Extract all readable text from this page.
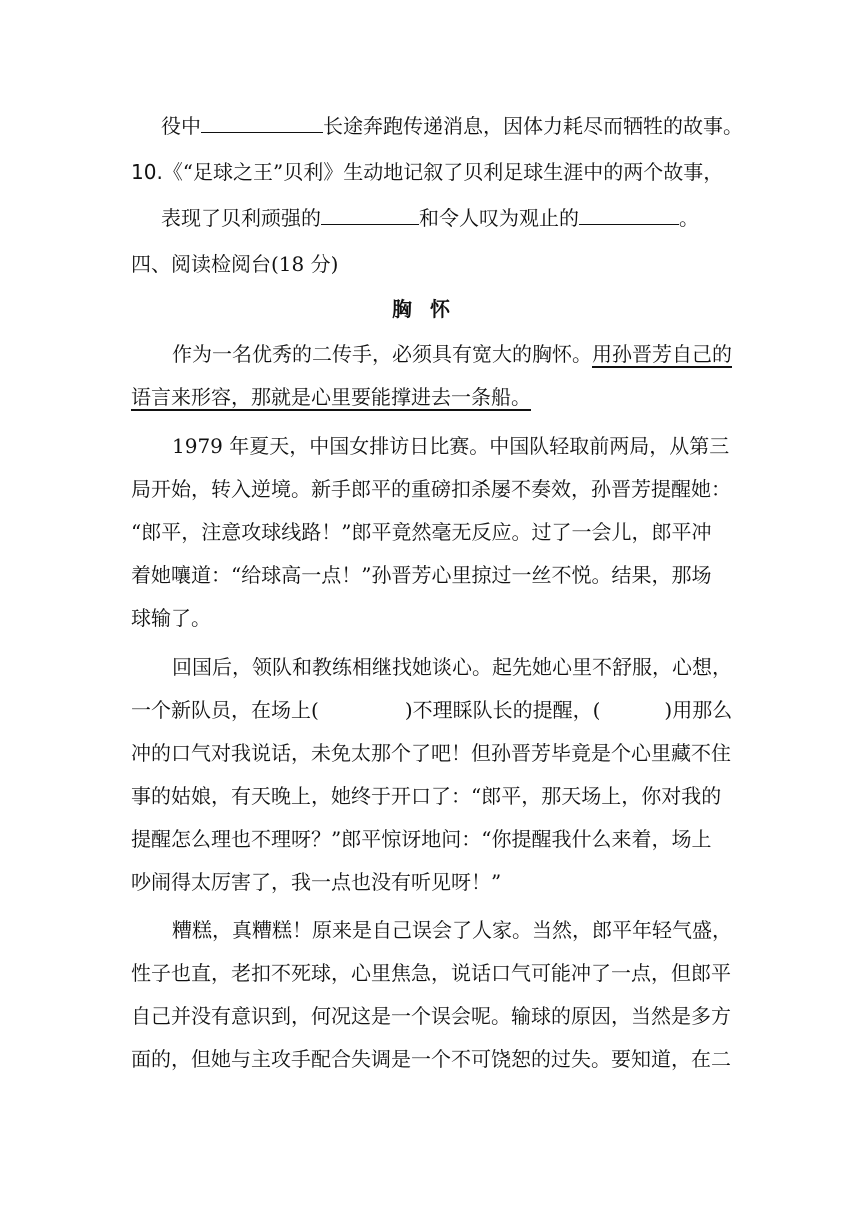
役中	长途奔跑传递消息，因体力耗尽而牺牲的故事。
10.《“足球之王”贝利》生动地记叙了贝利足球生涯中的两个故事，
表现了贝利顽强的	和令人叹为观止的	。
四、阅读检阅台(18 分)
胸怀
作为一名优秀的二传手，必须具有宽大的胸怀。用孙晋芳自己的
语言来形容，那就是心里要能撑进去一条船。
1979 年夏天，中国女排访日比赛。中国队轻取前两局，从第三
局开始，转入逆境。新手郎平的重磅扣杀屡不奏效，孙晋芳提醒她：
“郎平，注意攻球线路！”郎平竟然毫无反应。过了一会儿，郎平冲
着她嚷道：“给球高一点！”孙晋芳心里掠过一丝不悦。结果，那场
球输了。
回国后，领队和教练相继找她谈心。起先她心里不舒服，心想，
一个新队员，在场上(	)不理睬队长的提醒，(	)用那么
冲的口气对我说话，未免太那个了吧！但孙晋芳毕竟是个心里藏不住
事的姑娘，有天晚上，她终于开口了：“郎平，那天场上，你对我的
提醒怎么理也不理呀？”郎平惊讶地问：“你提醒我什么来着，场上
吵闹得太厉害了，我一点也没有听见呀！”
糟糕，真糟糕！原来是自己误会了人家。当然，郎平年轻气盛，
性子也直，老扣不死球，心里焦急，说话口气可能冲了一点，但郎平
自己并没有意识到，何况这是一个误会呢。输球的原因，当然是多方
面的，但她与主攻手配合失调是一个不可饶恕的过失。要知道，在二
